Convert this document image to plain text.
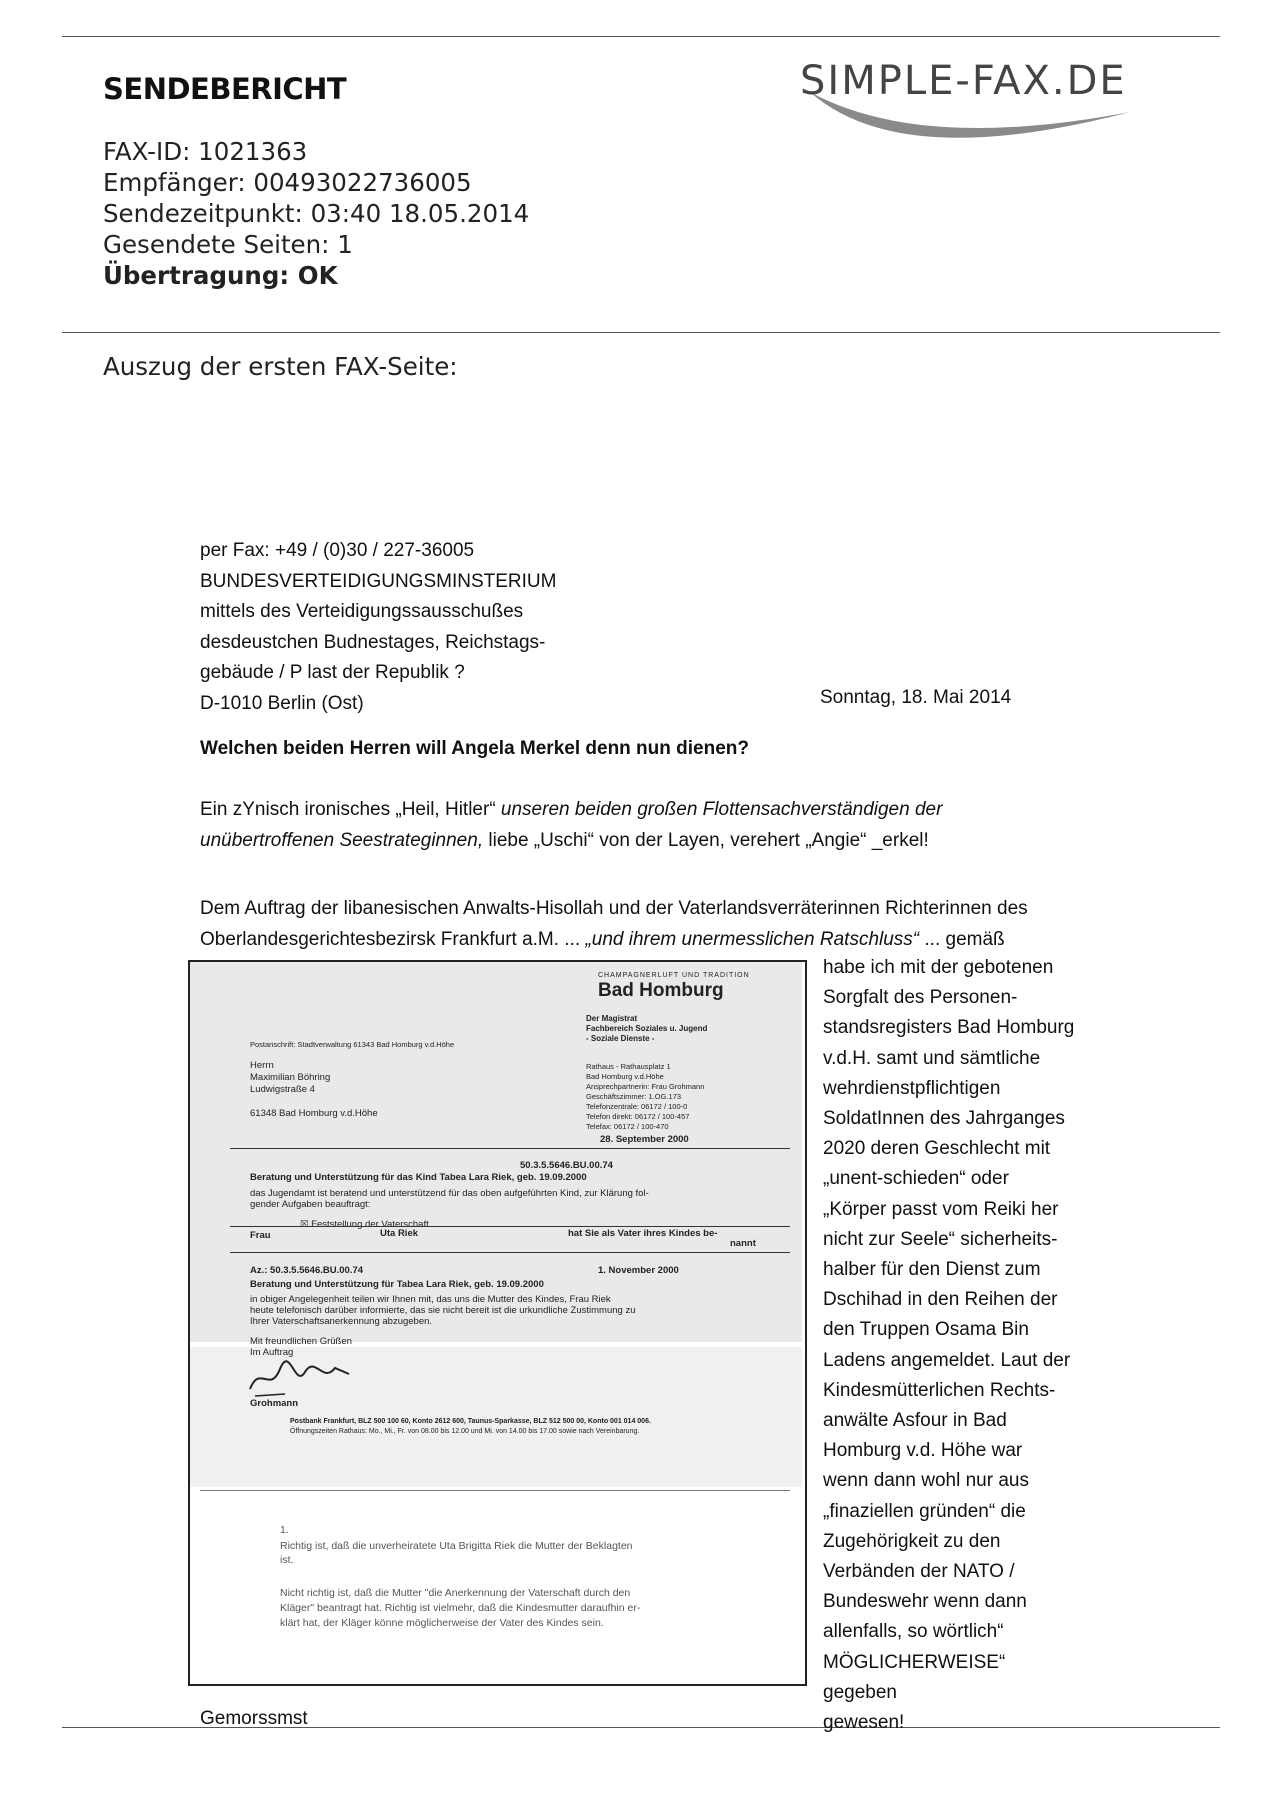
SENDEBERICHT	SIMPLE-FAX.DE
FAX-ID: 1021363
Empfänger: 00493022736005
Sendezeitpunkt: 03:40 18.05.2014
Gesendete Seiten: 1
Übertragung: OK
Auszug der ersten FAX-Seite:
per Fax: +49 / (0)30 / 227-36005
BUNDESVERTEIDIGUNGSMINSTERIUM
mittels des Verteidigungssausschußes
desdeustchen Budnestages, Reichstags-
gebäude / P last der Republik ?
D-1010 Berlin (Ost)	Sonntag, 18. Mai 2014
Welchen beiden Herren will Angela Merkel denn nun dienen?
Ein zYnisch ironisches „Heil, Hitler“ unseren beiden großen Flottensachverständigen der
unübertroffenen Seestrateginnen, liebe „Uschi“ von der Layen, verehert „Angie“ _erkel!
Dem Auftrag der libanesischen Anwalts-Hisollah und der Vaterlandsverräterinnen Richterinnen des
Oberlandesgerichtesbezirsk Frankfurt a.M. ... „und ihrem unermesslichen Ratschluss“ ... gemäß
habe ich mit der gebotenen
Sorgfalt des Personen-
standsregisters Bad Homburg
v.d.H. samt und sämtliche
wehrdienstpflichtigen
SoldatInnen des Jahrganges
2020 deren Geschlecht mit
„unent-schieden“ oder
„Körper passt vom Reiki her
nicht zur Seele“ sicherheits-
halber für den Dienst zum
Dschihad in den Reihen der
den Truppen Osama Bin
Ladens angemeldet. Laut der
Kindesmütterlichen Rechts-
anwälte Asfour in Bad
Homburg v.d. Höhe war
wenn dann wohl nur aus
„finaziellen gründen“ die
Zugehörigkeit zu den
Verbänden der NATO /
Bundeswehr wenn dann
allenfalls, so wörtlich“
MÖGLICHERWEISE“ gegeben
gewesen!
Gemorssmst
CHAMPAGNERLUFT UND TRADITION
Bad Homburg
Der Magistrat
Fachbereich Soziales u. Jugend
- Soziale Dienste -
Postanschrift: Stadtverwaltung 61343 Bad Homburg v.d.Höhe
Herrn
Maximilian Böhring
Ludwigstraße 4
61348 Bad Homburg v.d.Höhe
Rathaus - Rathausplatz 1
Bad Homburg v.d.Höhe
Ansprechpartnerin: Frau Grohmann
Geschäftszimmer: 1.OG.173
Telefonzentrale: 06172 / 100-0
Telefon direkt: 06172 / 100-457
Telefax: 06172 / 100-470
28. September 2000
50.3.5.5646.BU.00.74
Beratung und Unterstützung für das Kind Tabea Lara Riek, geb. 19.09.2000
das Jugendamt ist beratend und unterstützend für das oben aufgeführten Kind, zur Klärung fol-
gender Aufgaben beauftragt:
☒ Feststellung der Vaterschaft
Frau	Uta Riek	hat Sie als Vater ihres Kindes be-
nannt
Az.: 50.3.5.5646.BU.00.74	1. November 2000
Beratung und Unterstützung für Tabea Lara Riek, geb. 19.09.2000
in obiger Angelegenheit teilen wir Ihnen mit, das uns die Mutter des Kindes, Frau Riek
heute telefonisch darüber informierte, das sie nicht bereit ist die urkundliche Zustimmung zu
Ihrer Vaterschaftsanerkennung abzugeben.
Mit freundlichen Grüßen
Im Auftrag
Grohmann
Postbank Frankfurt, BLZ 500 100 60, Konto 2612 600, Taunus-Sparkasse, BLZ 512 500 00, Konto 001 014 006.
Öffnungszeiten Rathaus: Mo., Mi., Fr. von 08.00 bis 12.00 und Mi. von 14.00 bis 17.00 sowie nach Vereinbarung.
1.
Richtig ist, daß die unverheiratete Uta Brigitta Riek die Mutter der Beklagten
ist.
Nicht richtig ist, daß die Mutter "die Anerkennung der Vaterschaft durch den
Kläger" beantragt hat. Richtig ist vielmehr, daß die Kindesmutter daraufhin er-
klärt hat, der Kläger könne möglicherweise der Vater des Kindes sein.
